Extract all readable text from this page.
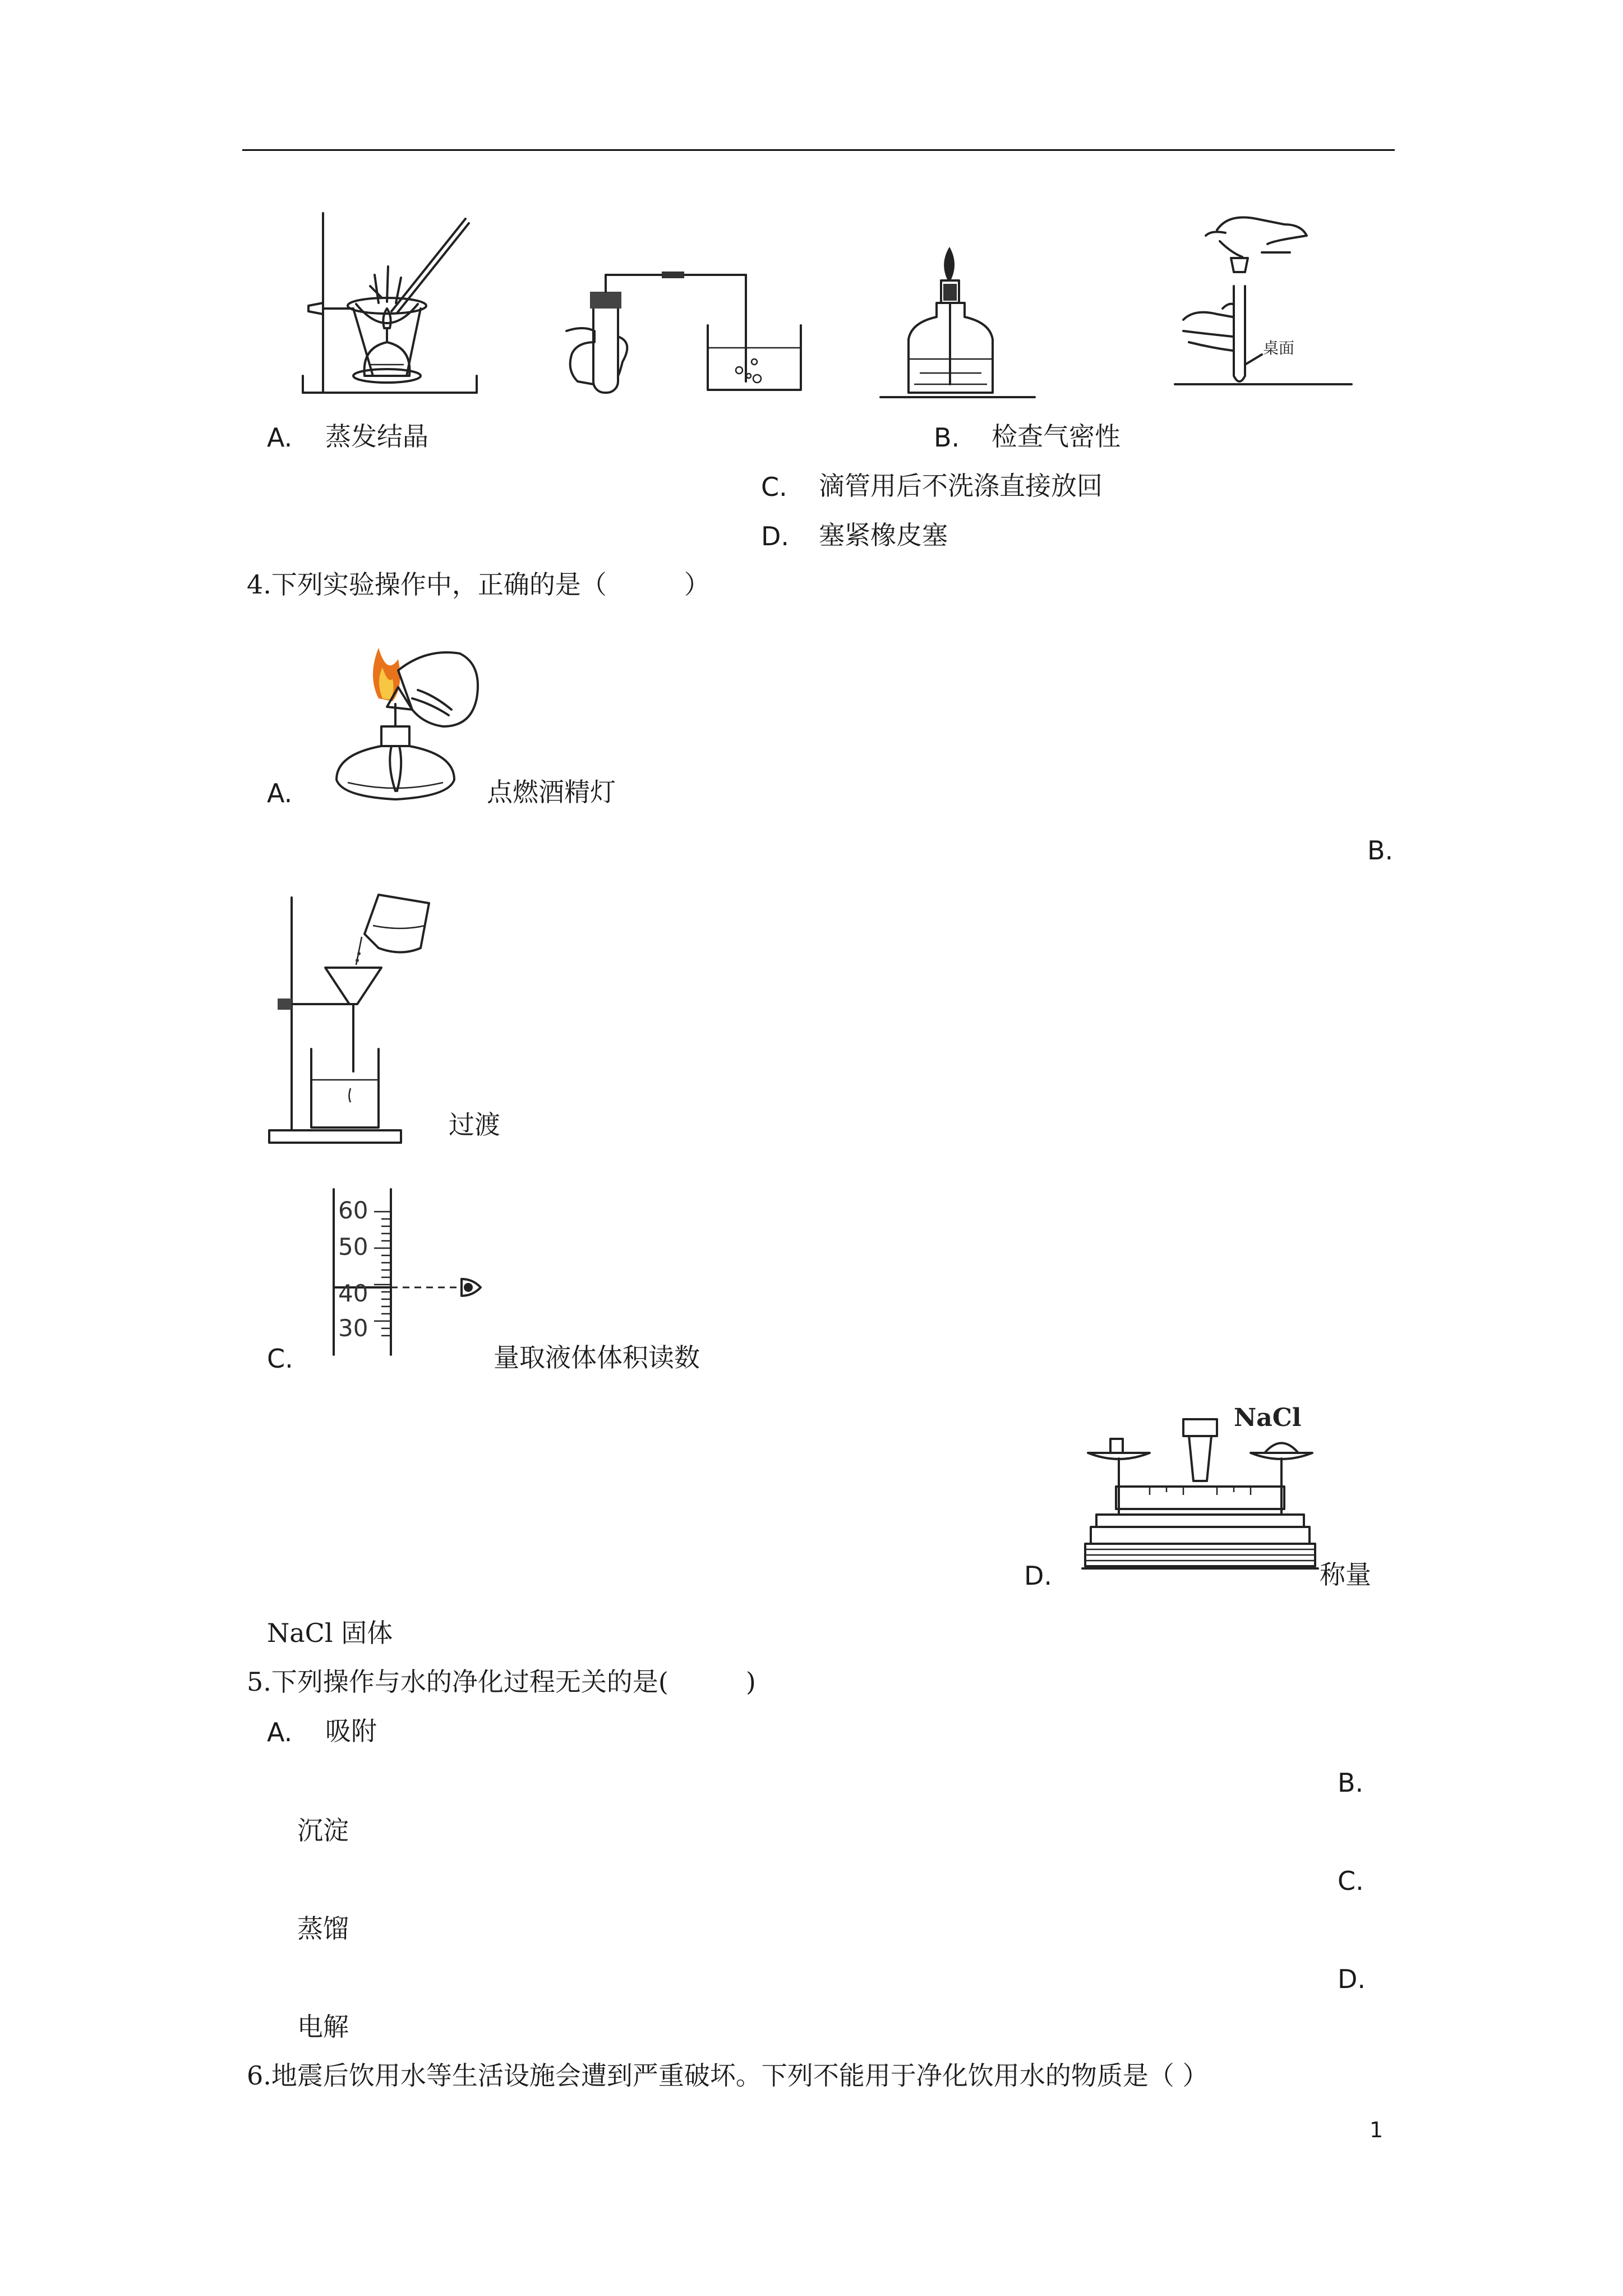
桌面
A. 蒸发结晶	B. 检查气密性
C. 滴管用后不洗涤直接放回
D. 塞紧橡皮塞
4.下列实验操作中，正确的是（　　　）
A.	点燃酒精灯
B.
过渡
60
50
40
30
C.	量取液体体积读数
NaCl
D.	称量
NaCl 固体
5.下列操作与水的净化过程无关的是(　　　)
A. 吸附
B.
沉淀
C.
蒸馏
D.
电解
6.地震后饮用水等生活设施会遭到严重破坏。下列不能用于净化饮用水的物质是（ ）
1
